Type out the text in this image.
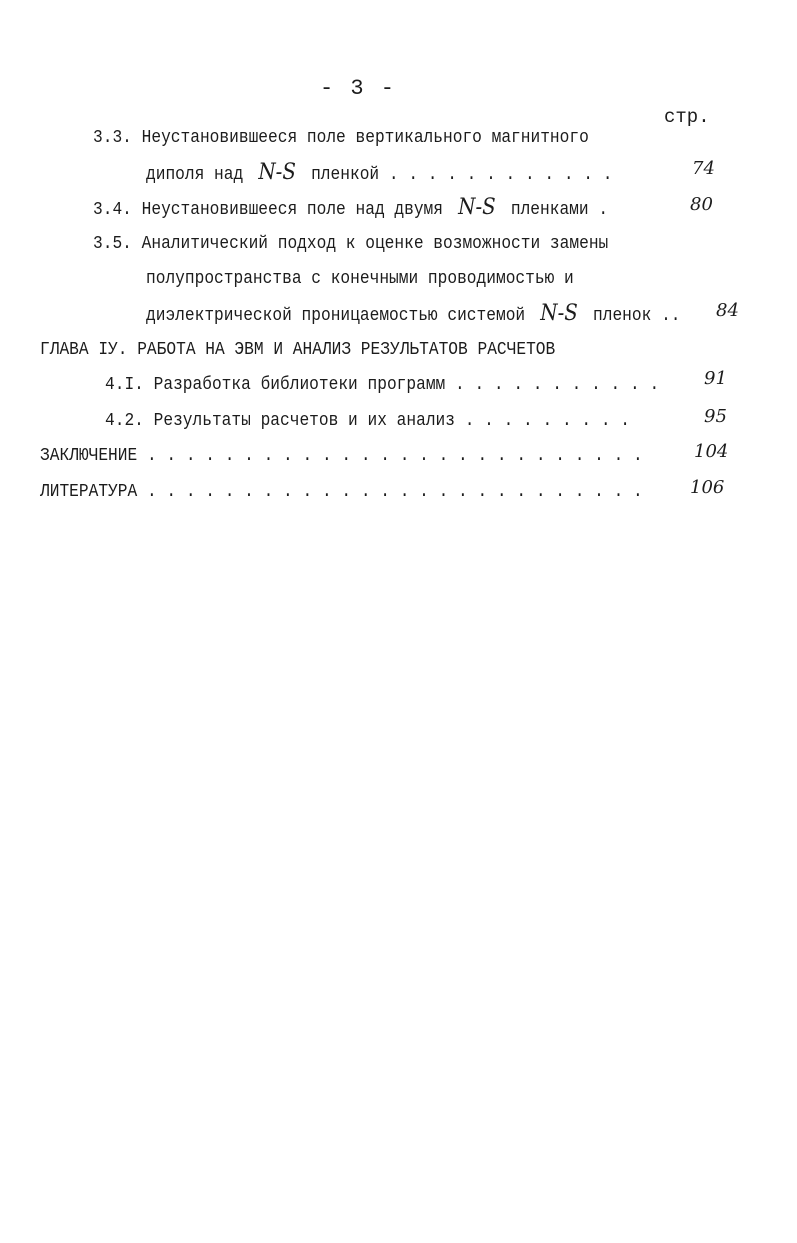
- 3 -
стр.
3.3. Неустановившееся поле вертикального магнитного
диполя над N-S пленкой . . . . . . . . . . . .	74
3.4. Неустановившееся поле над двумя N-S пленками .	80
3.5. Аналитический подход к оценке возможности замены
полупространства с конечными проводимостью и
диэлектрической проницаемостью системой N-S пленок .. 84
ГЛАВА IУ. РАБОТА НА ЭВМ И АНАЛИЗ РЕЗУЛЬТАТОВ РАСЧЕТОВ
4.I. Разработка библиотеки программ . . . . . . . . . . . 91
4.2. Результаты расчетов и их анализ . . . . . . . . .	95
ЗАКЛЮЧЕНИЕ . . . . . . . . . . . . . . . . . . . . . . . . . .	104
ЛИТЕРАТУРА . . . . . . . . . . . . . . . . . . . . . . . . . .	106
